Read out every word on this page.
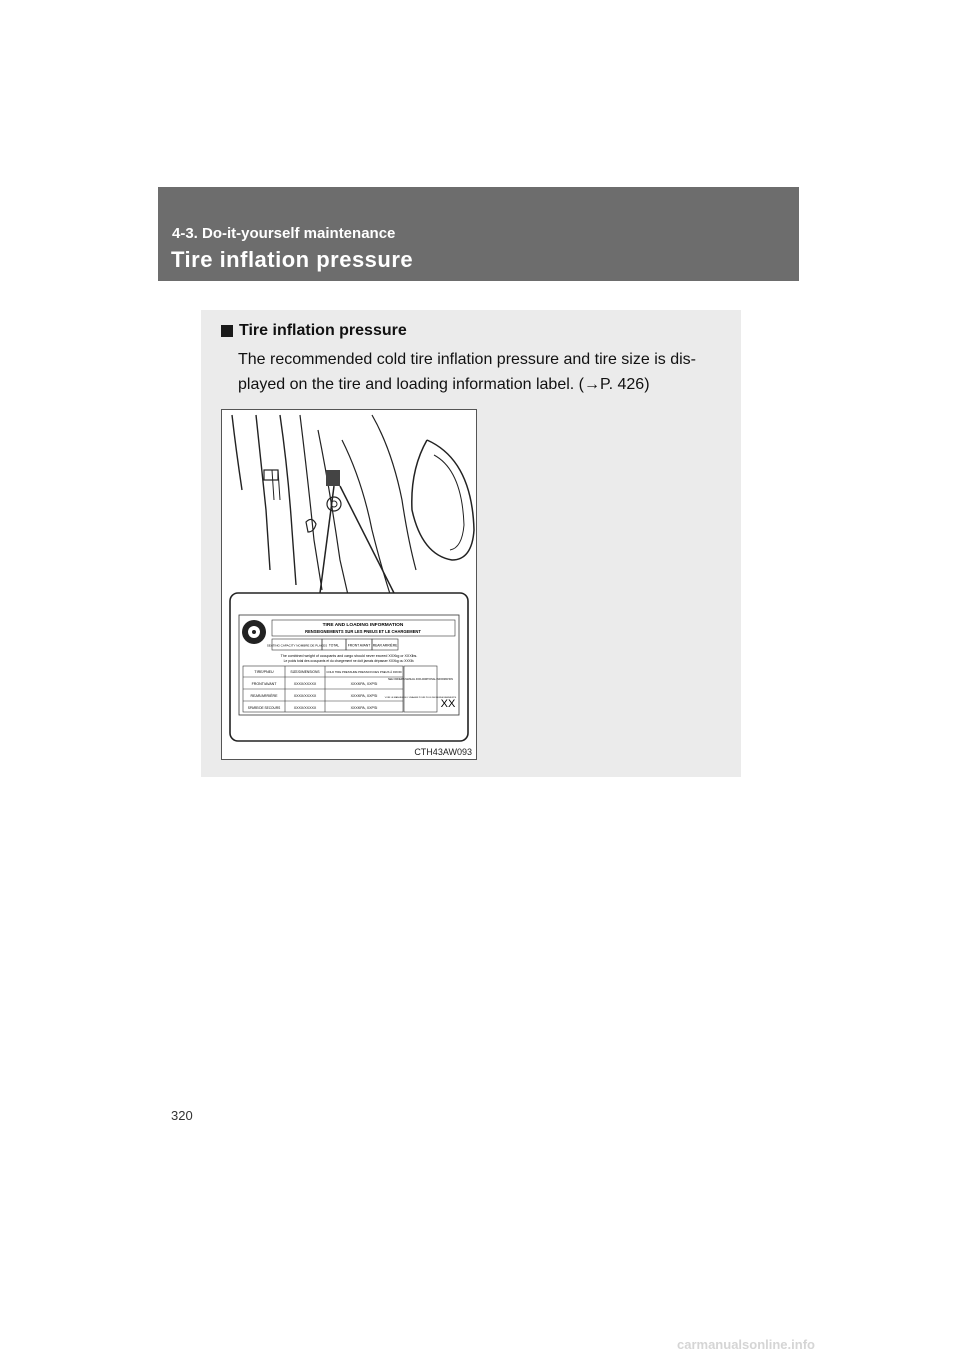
4-3. Do-it-yourself maintenance
Tire inflation pressure
Tire inflation pressure
The recommended cold tire inflation pressure and tire size is dis-played on the tire and loading information label. (→P. 426)
TIRE AND LOADING INFORMATION
RENSEIGNEMENTS SUR LES PNEUS ET LE CHARGEMENT
SEATING CAPACITY NOMBRE DE PLACES TOTAL	FRONT AVANT REAR ARRIÈRE
The combined weight of occupants and cargo should never exceed XXXkg or XXXlbs.
Le poids total des occupants et du chargement ne doit jamais dépasser XXXkg ou XXXlb.
TIRE/PNEU	SIZE/DIMENSIONS COLD TIRE PRESSURE PRESSION DES PNEUS À FROID
FRONT/AVANT	XXXX/XXXXX	XXXKPA, XXPSI
REAR/ARRIÈRE	XXXX/XXXXX	XXXKPA, XXPSI
SPARE/DE SECOURS	XXXX/XXXXX	XXXKPA, XXPSI
SEE OWNER'S MANUAL FOR ADDITIONAL INFORMATION
VOIR LE MANUEL DE L'USAGER POUR PLUS DE RENSEIGNEMENTS
XX
CTH43AW093
320
carmanualsonline.info
